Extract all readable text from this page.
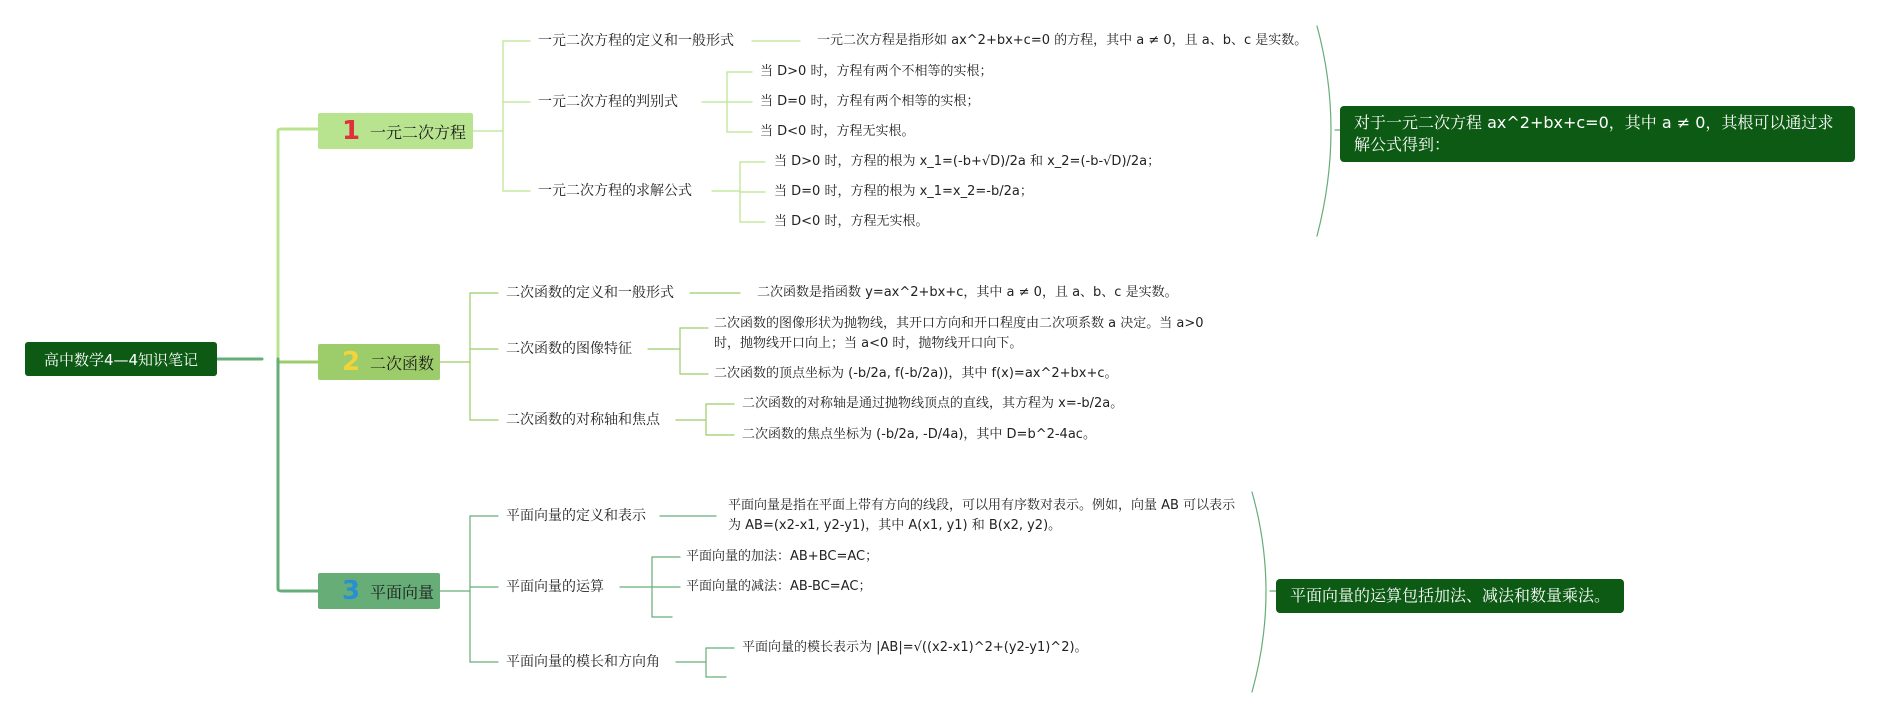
高中数学4—4知识笔记
1 一元二次方程
一元二次方程的定义和一般形式
一元二次方程的判别式
一元二次方程的求解公式
一元二次方程是指形如 ax^2+bx+c=0 的方程，其中 a ≠ 0，且 a、b、c 是实数。
当 D>0 时，方程有两个不相等的实根；
当 D=0 时，方程有两个相等的实根；
当 D<0 时，方程无实根。
当 D>0 时，方程的根为 x_1=(-b+√D)/2a 和 x_2=(-b-√D)/2a；
当 D=0 时，方程的根为 x_1=x_2=-b/2a；
当 D<0 时，方程无实根。
对于一元二次方程 ax^2+bx+c=0，其中 a ≠ 0，其根可以通过求解公式得到：
2 二次函数
二次函数的定义和一般形式
二次函数的图像特征
二次函数的对称轴和焦点
二次函数是指函数 y=ax^2+bx+c，其中 a ≠ 0，且 a、b、c 是实数。
二次函数的图像形状为抛物线，其开口方向和开口程度由二次项系数 a 决定。当 a>0 时，抛物线开口向上；当 a<0 时，抛物线开口向下。
二次函数的顶点坐标为 (-b/2a, f(-b/2a))，其中 f(x)=ax^2+bx+c。
二次函数的对称轴是通过抛物线顶点的直线，其方程为 x=-b/2a。
二次函数的焦点坐标为 (-b/2a, -D/4a)，其中 D=b^2-4ac。
3 平面向量
平面向量的定义和表示
平面向量的运算
平面向量的模长和方向角
平面向量是指在平面上带有方向的线段，可以用有序数对表示。例如，向量 AB 可以表示为 AB=(x2-x1, y2-y1)，其中 A(x1, y1) 和 B(x2, y2)。
平面向量的加法：AB+BC=AC；
平面向量的减法：AB-BC=AC；
平面向量的模长表示为 |AB|=√((x2-x1)^2+(y2-y1)^2)。
平面向量的运算包括加法、减法和数量乘法。
